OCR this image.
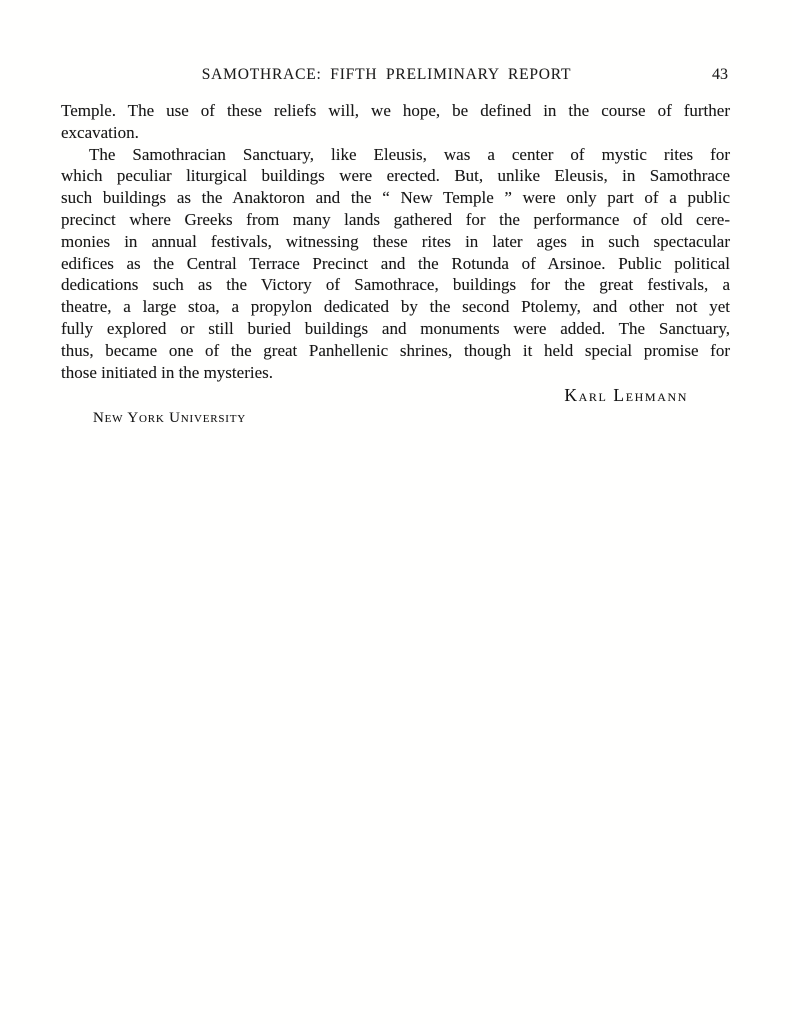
SAMOTHRACE: FIFTH PRELIMINARY REPORT	43
Temple. The use of these reliefs will, we hope, be defined in the course of further
excavation.
The Samothracian Sanctuary, like Eleusis, was a center of mystic rites for
which peculiar liturgical buildings were erected. But, unlike Eleusis, in Samothrace
such buildings as the Anaktoron and the “ New Temple ” were only part of a public
precinct where Greeks from many lands gathered for the performance of old cere-
monies in annual festivals, witnessing these rites in later ages in such spectacular
edifices as the Central Terrace Precinct and the Rotunda of Arsinoe. Public political
dedications such as the Victory of Samothrace, buildings for the great festivals, a
theatre, a large stoa, a propylon dedicated by the second Ptolemy, and other not yet
fully explored or still buried buildings and monuments were added. The Sanctuary,
thus, became one of the great Panhellenic shrines, though it held special promise for
those initiated in the mysteries.
Karl Lehmann
New York University
